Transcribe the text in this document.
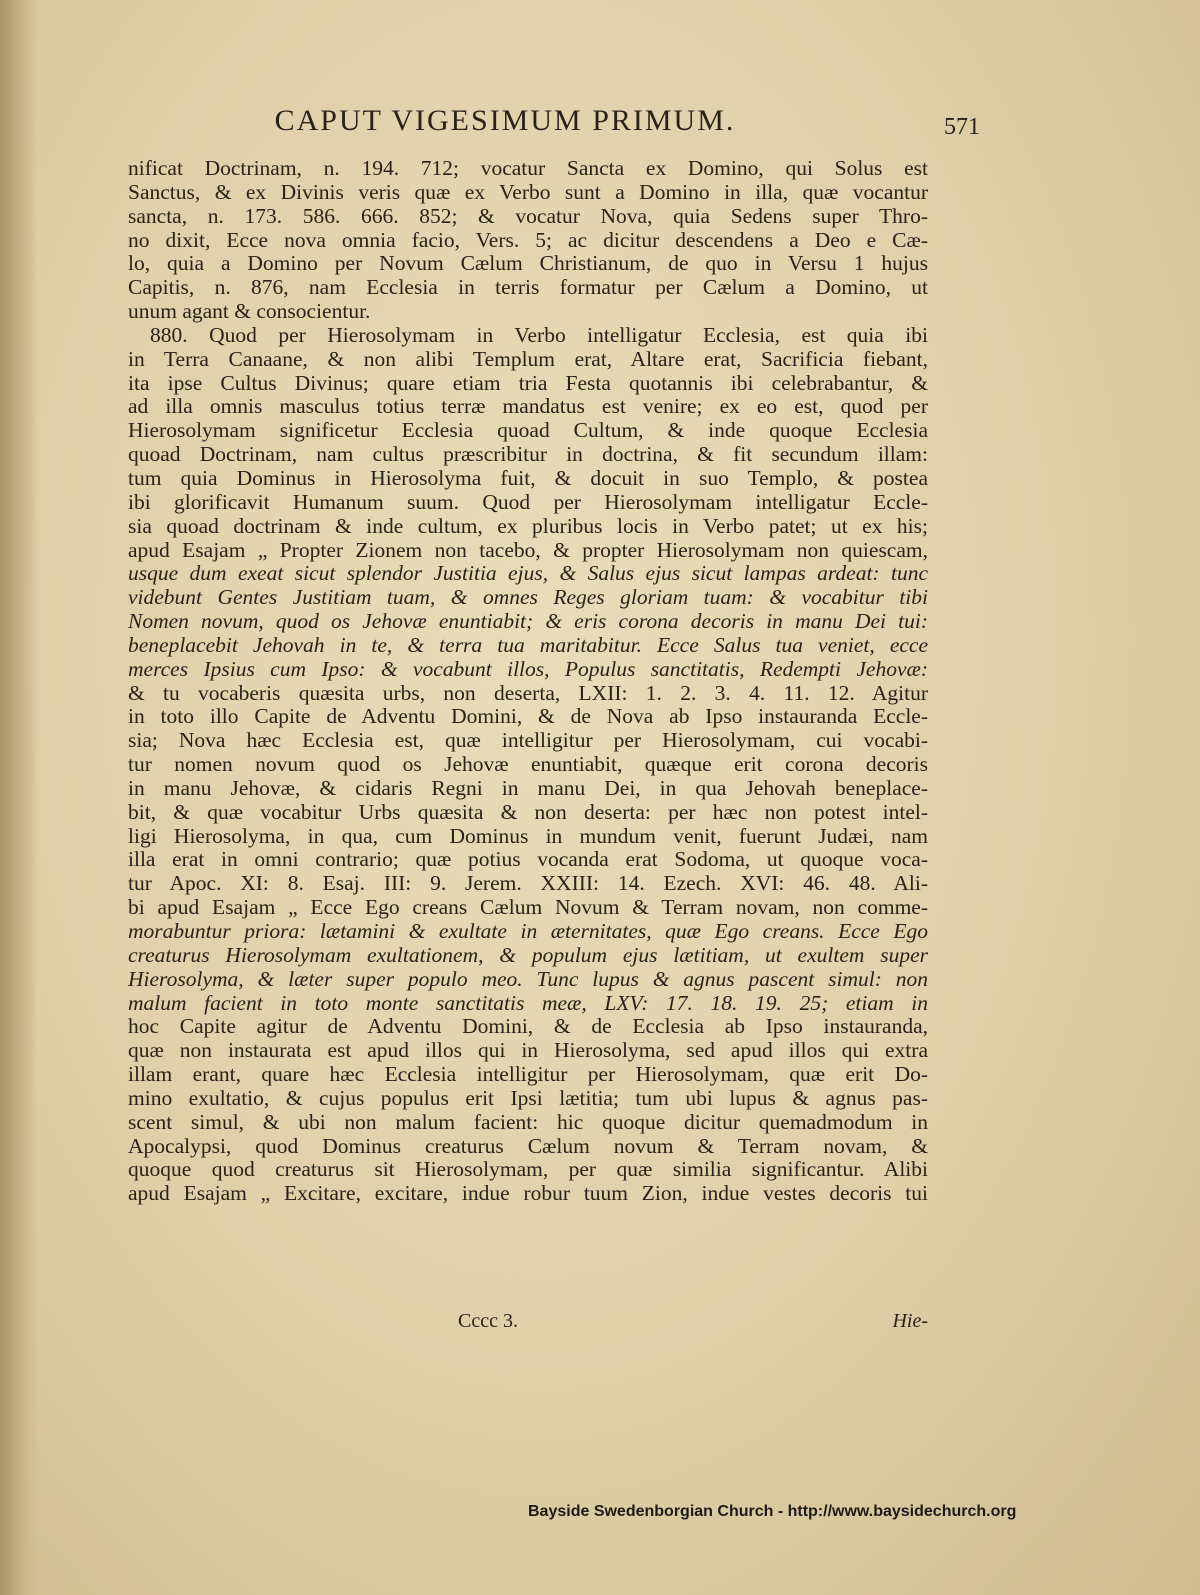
CAPUT VIGESIMUM PRIMUM.	571
nificat Doctrinam, n. 194. 712; vocatur Sancta ex Domino, qui Solus est
Sanctus, & ex Divinis veris quæ ex Verbo sunt a Domino in illa, quæ vocantur
sancta, n. 173. 586. 666. 852; & vocatur Nova, quia Sedens super Thro-
no dixit, Ecce nova omnia facio, Vers. 5; ac dicitur descendens a Deo e Cæ-
lo, quia a Domino per Novum Cælum Christianum, de quo in Versu 1 hujus
Capitis, n. 876, nam Ecclesia in terris formatur per Cælum a Domino, ut
unum agant & consocientur.
880. Quod per Hierosolymam in Verbo intelligatur Ecclesia, est quia ibi
in Terra Canaane, & non alibi Templum erat, Altare erat, Sacrificia fiebant,
ita ipse Cultus Divinus; quare etiam tria Festa quotannis ibi celebrabantur, &
ad illa omnis masculus totius terræ mandatus est venire; ex eo est, quod per
Hierosolymam significetur Ecclesia quoad Cultum, & inde quoque Ecclesia
quoad Doctrinam, nam cultus præscribitur in doctrina, & fit secundum illam:
tum quia Dominus in Hierosolyma fuit, & docuit in suo Templo, & postea
ibi glorificavit Humanum suum. Quod per Hierosolymam intelligatur Eccle-
sia quoad doctrinam & inde cultum, ex pluribus locis in Verbo patet; ut ex his;
apud Esajam „ Propter Zionem non tacebo, & propter Hierosolymam non quiescam,
usque dum exeat sicut splendor Justitia ejus, & Salus ejus sicut lampas ardeat: tunc
videbunt Gentes Justitiam tuam, & omnes Reges gloriam tuam: & vocabitur tibi
Nomen novum, quod os Jehovæ enuntiabit; & eris corona decoris in manu Dei tui:
beneplacebit Jehovah in te, & terra tua maritabitur. Ecce Salus tua veniet, ecce
merces Ipsius cum Ipso: & vocabunt illos, Populus sanctitatis, Redempti Jehovæ:
& tu vocaberis quæsita urbs, non deserta, LXII: 1. 2. 3. 4. 11. 12. Agitur
in toto illo Capite de Adventu Domini, & de Nova ab Ipso instauranda Eccle-
sia; Nova hæc Ecclesia est, quæ intelligitur per Hierosolymam, cui vocabi-
tur nomen novum quod os Jehovæ enuntiabit, quæque erit corona decoris
in manu Jehovæ, & cidaris Regni in manu Dei, in qua Jehovah beneplace-
bit, & quæ vocabitur Urbs quæsita & non deserta: per hæc non potest intel-
ligi Hierosolyma, in qua, cum Dominus in mundum venit, fuerunt Judæi, nam
illa erat in omni contrario; quæ potius vocanda erat Sodoma, ut quoque voca-
tur Apoc. XI: 8. Esaj. III: 9. Jerem. XXIII: 14. Ezech. XVI: 46. 48. Ali-
bi apud Esajam „ Ecce Ego creans Cælum Novum & Terram novam, non comme-
morabuntur priora: lætamini & exultate in æternitates, quæ Ego creans. Ecce Ego
creaturus Hierosolymam exultationem, & populum ejus lætitiam, ut exultem super
Hierosolyma, & læter super populo meo. Tunc lupus & agnus pascent simul: non
malum facient in toto monte sanctitatis meæ, LXV: 17. 18. 19. 25; etiam in
hoc Capite agitur de Adventu Domini, & de Ecclesia ab Ipso instauranda,
quæ non instaurata est apud illos qui in Hierosolyma, sed apud illos qui extra
illam erant, quare hæc Ecclesia intelligitur per Hierosolymam, quæ erit Do-
mino exultatio, & cujus populus erit Ipsi lætitia; tum ubi lupus & agnus pas-
scent simul, & ubi non malum facient: hic quoque dicitur quemadmodum in
Apocalypsi, quod Dominus creaturus Cælum novum & Terram novam, &
quoque quod creaturus sit Hierosolymam, per quæ similia significantur. Alibi
apud Esajam „ Excitare, excitare, indue robur tuum Zion, indue vestes decoris tui
Cccc 3.	Hie-
Bayside Swedenborgian Church - http://www.baysidechurch.org
